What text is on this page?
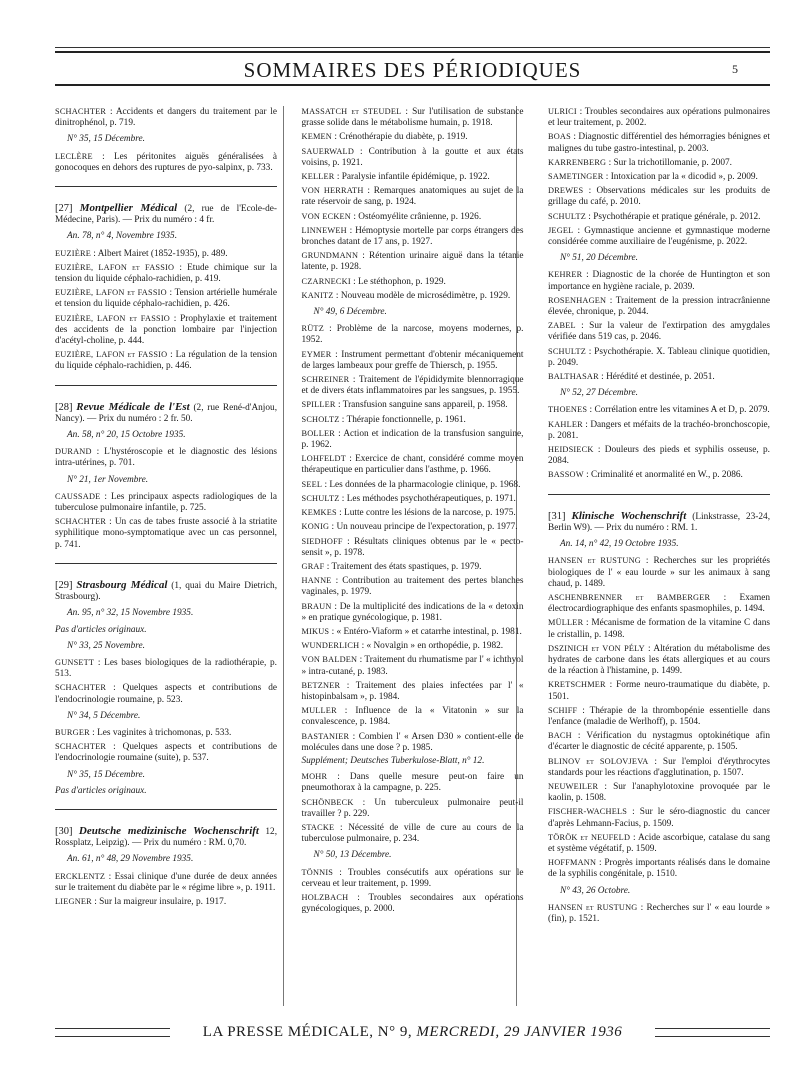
SOMMAIRES DES PÉRIODIQUES	5

SCHACHTER : Accidents et dangers du traitement par le dinitrophénol, p. 719.

N° 35, 15 Décembre.

LECLÈRE : Les péritonites aiguës généralisées à gonocoques en dehors des ruptures de pyo-salpinx, p. 733.

[27] Montpellier Médical (2, rue de l'Ecole-de-Médecine, Paris). — Prix du numéro : 4 fr.

An. 78, n° 4, Novembre 1935.

EUZIÈRE : Albert Mairet (1852-1935), p. 489.

EUZIÈRE, LAFON et FASSIO : Etude chimique sur la tension du liquide céphalo-rachidien, p. 419.

EUZIÈRE, LAFON et FASSIO : Tension artérielle humérale et tension du liquide céphalo-rachidien, p. 426.

EUZIÈRE, LAFON et FASSIO : Prophylaxie et traitement des accidents de la ponction lombaire par l'injection d'acétyl-choline, p. 444.

EUZIÈRE, LAFON et FASSIO : La régulation de la tension du liquide céphalo-rachidien, p. 446.

[28] Revue Médicale de l'Est (2, rue René-d'Anjou, Nancy). — Prix du numéro : 2 fr. 50.

An. 58, n° 20, 15 Octobre 1935.

DURAND : L'hystéroscopie et le diagnostic des lésions intra-utérines, p. 701.

N° 21, 1er Novembre.

CAUSSADE : Les principaux aspects radiologiques de la tuberculose pulmonaire infantile, p. 725.

SCHACHTER : Un cas de tabes fruste associé à la striatite syphilitique mono-symptomatique avec un cas personnel, p. 741.

[29] Strasbourg Médical (1, quai du Maire Dietrich, Strasbourg).

An. 95, n° 32, 15 Novembre 1935.

Pas d'articles originaux.

N° 33, 25 Novembre.

GUNSETT : Les bases biologiques de la radiothérapie, p. 513.

SCHACHTER : Quelques aspects et contributions de l'endocrinologie roumaine, p. 523.

N° 34, 5 Décembre.

BURGER : Les vaginites à trichomonas, p. 533.

SCHACHTER : Quelques aspects et contributions de l'endocrinologie roumaine (suite), p. 537.

N° 35, 15 Décembre.

Pas d'articles originaux.

[30] Deutsche medizinische Wochenschrift 12, Rossplatz, Leipzig). — Prix du numéro : RM. 0,70.

An. 61, n° 48, 29 Novembre 1935.

ERCKLENTZ : Essai clinique d'une durée de deux années sur le traitement du diabète par le « régime libre », p. 1911.

LIEGNER : Sur la maigreur insulaire, p. 1917.

MASSATCH et STEUDEL : Sur l'utilisation de substance grasse solide dans le métabolisme humain, p. 1918.

KEMEN : Crénothérapie du diabète, p. 1919.

SAUERWALD : Contribution à la goutte et aux états voisins, p. 1921.

KELLER : Paralysie infantile épidémique, p. 1922.

VON HERRATH : Remarques anatomiques au sujet de la rate réservoir de sang, p. 1924.

VON ECKEN : Ostéomyélite crânienne, p. 1926.

LINNEWEH : Hémoptysie mortelle par corps étrangers des bronches datant de 17 ans, p. 1927.

GRUNDMANN : Rétention urinaire aiguë dans la tétanie latente, p. 1928.

CZARNECKI : Le stéthophon, p. 1929.

KANITZ : Nouveau modèle de microsédimètre, p. 1929.

N° 49, 6 Décembre.

RÜTZ : Problème de la narcose, moyens modernes, p. 1952.

EYMER : Instrument permettant d'obtenir mécaniquement de larges lambeaux pour greffe de Thiersch, p. 1955.

SCHREINER : Traitement de l'épididymite blennorragique et de divers états inflammatoires par les sangsues, p. 1955.

SPILLER : Transfusion sanguine sans appareil, p. 1958.

SCHOLTZ : Thérapie fonctionnelle, p. 1961.

BOLLER : Action et indication de la transfusion sanguine, p. 1962.

LOHFELDT : Exercice de chant, considéré comme moyen thérapeutique en particulier dans l'asthme, p. 1966.

SEEL : Les données de la pharmacologie clinique, p. 1968.

SCHULTZ : Les méthodes psychothérapeutiques, p. 1971.

KEMKES : Lutte contre les lésions de la narcose, p. 1975.

KONIG : Un nouveau principe de l'expectoration, p. 1977.

SIEDHOFF : Résultats cliniques obtenus par le « pecto-sensit », p. 1978.

GRAF : Traitement des états spastiques, p. 1979.

HANNE : Contribution au traitement des pertes blanches vaginales, p. 1979.

BRAUN : De la multiplicité des indications de la « detoxin » en pratique gynécologique, p. 1981.

MIKUS : « Entéro-Viaform » et catarrhe intestinal, p. 1981.

WUNDERLICH : « Novalgin » en orthopédie, p. 1982.

VON BALDEN : Traitement du rhumatisme par l' « ichthyol » intra-cutané, p. 1983.

BETZNER : Traitement des plaies infectées par l' « histopinbalsam », p. 1984.

MULLER : Influence de la « Vitatonin » sur la convalescence, p. 1984.

BASTANIER : Combien l' « Arsen D30 » contient-elle de molécules dans une dose ? p. 1985.

Supplément; Deutsches Tuberkulose-Blatt, n° 12.

MOHR : Dans quelle mesure peut-on faire un pneumothorax à la campagne, p. 225.

SCHÖNBECK : Un tuberculeux pulmonaire peut-il travailler ? p. 229.

STACKE : Nécessité de ville de cure au cours de la tuberculose pulmonaire, p. 234.

N° 50, 13 Décembre.

TÖNNIS : Troubles consécutifs aux opérations sur le cerveau et leur traitement, p. 1999.

HOLZBACH : Troubles secondaires aux opérations gynécologiques, p. 2000.

ULRICI : Troubles secondaires aux opérations pulmonaires et leur traitement, p. 2002.

BOAS : Diagnostic différentiel des hémorragies bénignes et malignes du tube gastro-intestinal, p. 2003.

KARRENBERG : Sur la trichotillomanie, p. 2007.

SAMETINGER : Intoxication par la « dicodid », p. 2009.

DREWES : Observations médicales sur les produits de grillage du café, p. 2010.

SCHULTZ : Psychothérapie et pratique générale, p. 2012.

JEGEL : Gymnastique ancienne et gymnastique moderne considérée comme auxiliaire de l'eugénisme, p. 2022.

N° 51, 20 Décembre.

KEHRER : Diagnostic de la chorée de Huntington et son importance en hygiène raciale, p. 2039.

ROSENHAGEN : Traitement de la pression intracrânienne élevée, chronique, p. 2044.

ZABEL : Sur la valeur de l'extirpation des amygdales vérifiée dans 519 cas, p. 2046.

SCHULTZ : Psychothérapie. X. Tableau clinique quotidien, p. 2049.

BALTHASAR : Hérédité et destinée, p. 2051.

N° 52, 27 Décembre.

THOENES : Corrélation entre les vitamines A et D, p. 2079.

KAHLER : Dangers et méfaits de la trachéo-bronchoscopie, p. 2081.

HEIDSIECK : Douleurs des pieds et syphilis osseuse, p. 2084.

BASSOW : Criminalité et anormalité en W., p. 2086.

[31] Klinische Wochenschrift (Linkstrasse, 23-24, Berlin W9). — Prix du numéro : RM. 1.

An. 14, n° 42, 19 Octobre 1935.

HANSEN et RUSTUNG : Recherches sur les propriétés biologiques de l' « eau lourde » sur les animaux à sang chaud, p. 1489.

ASCHENBRENNER et BAMBERGER : Examen électrocardiographique des enfants spasmophiles, p. 1494.

MÜLLER : Mécanisme de formation de la vitamine C dans le cristallin, p. 1498.

DSZINICH et VON PÉLY : Altération du métabolisme des hydrates de carbone dans les états allergiques et au cours de la réaction à l'histamine, p. 1499.

KRETSCHMER : Forme neuro-traumatique du diabète, p. 1501.

SCHIFF : Thérapie de la thrombopénie essentielle dans l'enfance (maladie de Werlhoff), p. 1504.

BACH : Vérification du nystagmus optokinétique afin d'écarter le diagnostic de cécité apparente, p. 1505.

BLINOV et SOLOVJEVA : Sur l'emploi d'érythrocytes standards pour les réactions d'agglutination, p. 1507.

NEUWEILER : Sur l'anaphylotoxine provoquée par le kaolin, p. 1508.

FISCHER-WACHELS : Sur le séro-diagnostic du cancer d'après Lehmann-Facius, p. 1509.

TÖRÖK et NEUFELD : Acide ascorbique, catalase du sang et système végétatif, p. 1509.

HOFFMANN : Progrès importants réalisés dans le domaine de la syphilis congénitale, p. 1510.

N° 43, 26 Octobre.

HANSEN et RUSTUNG : Recherches sur l' « eau lourde » (fin), p. 1521.

LA PRESSE MÉDICALE, N° 9, MERCREDI, 29 JANVIER 1936
